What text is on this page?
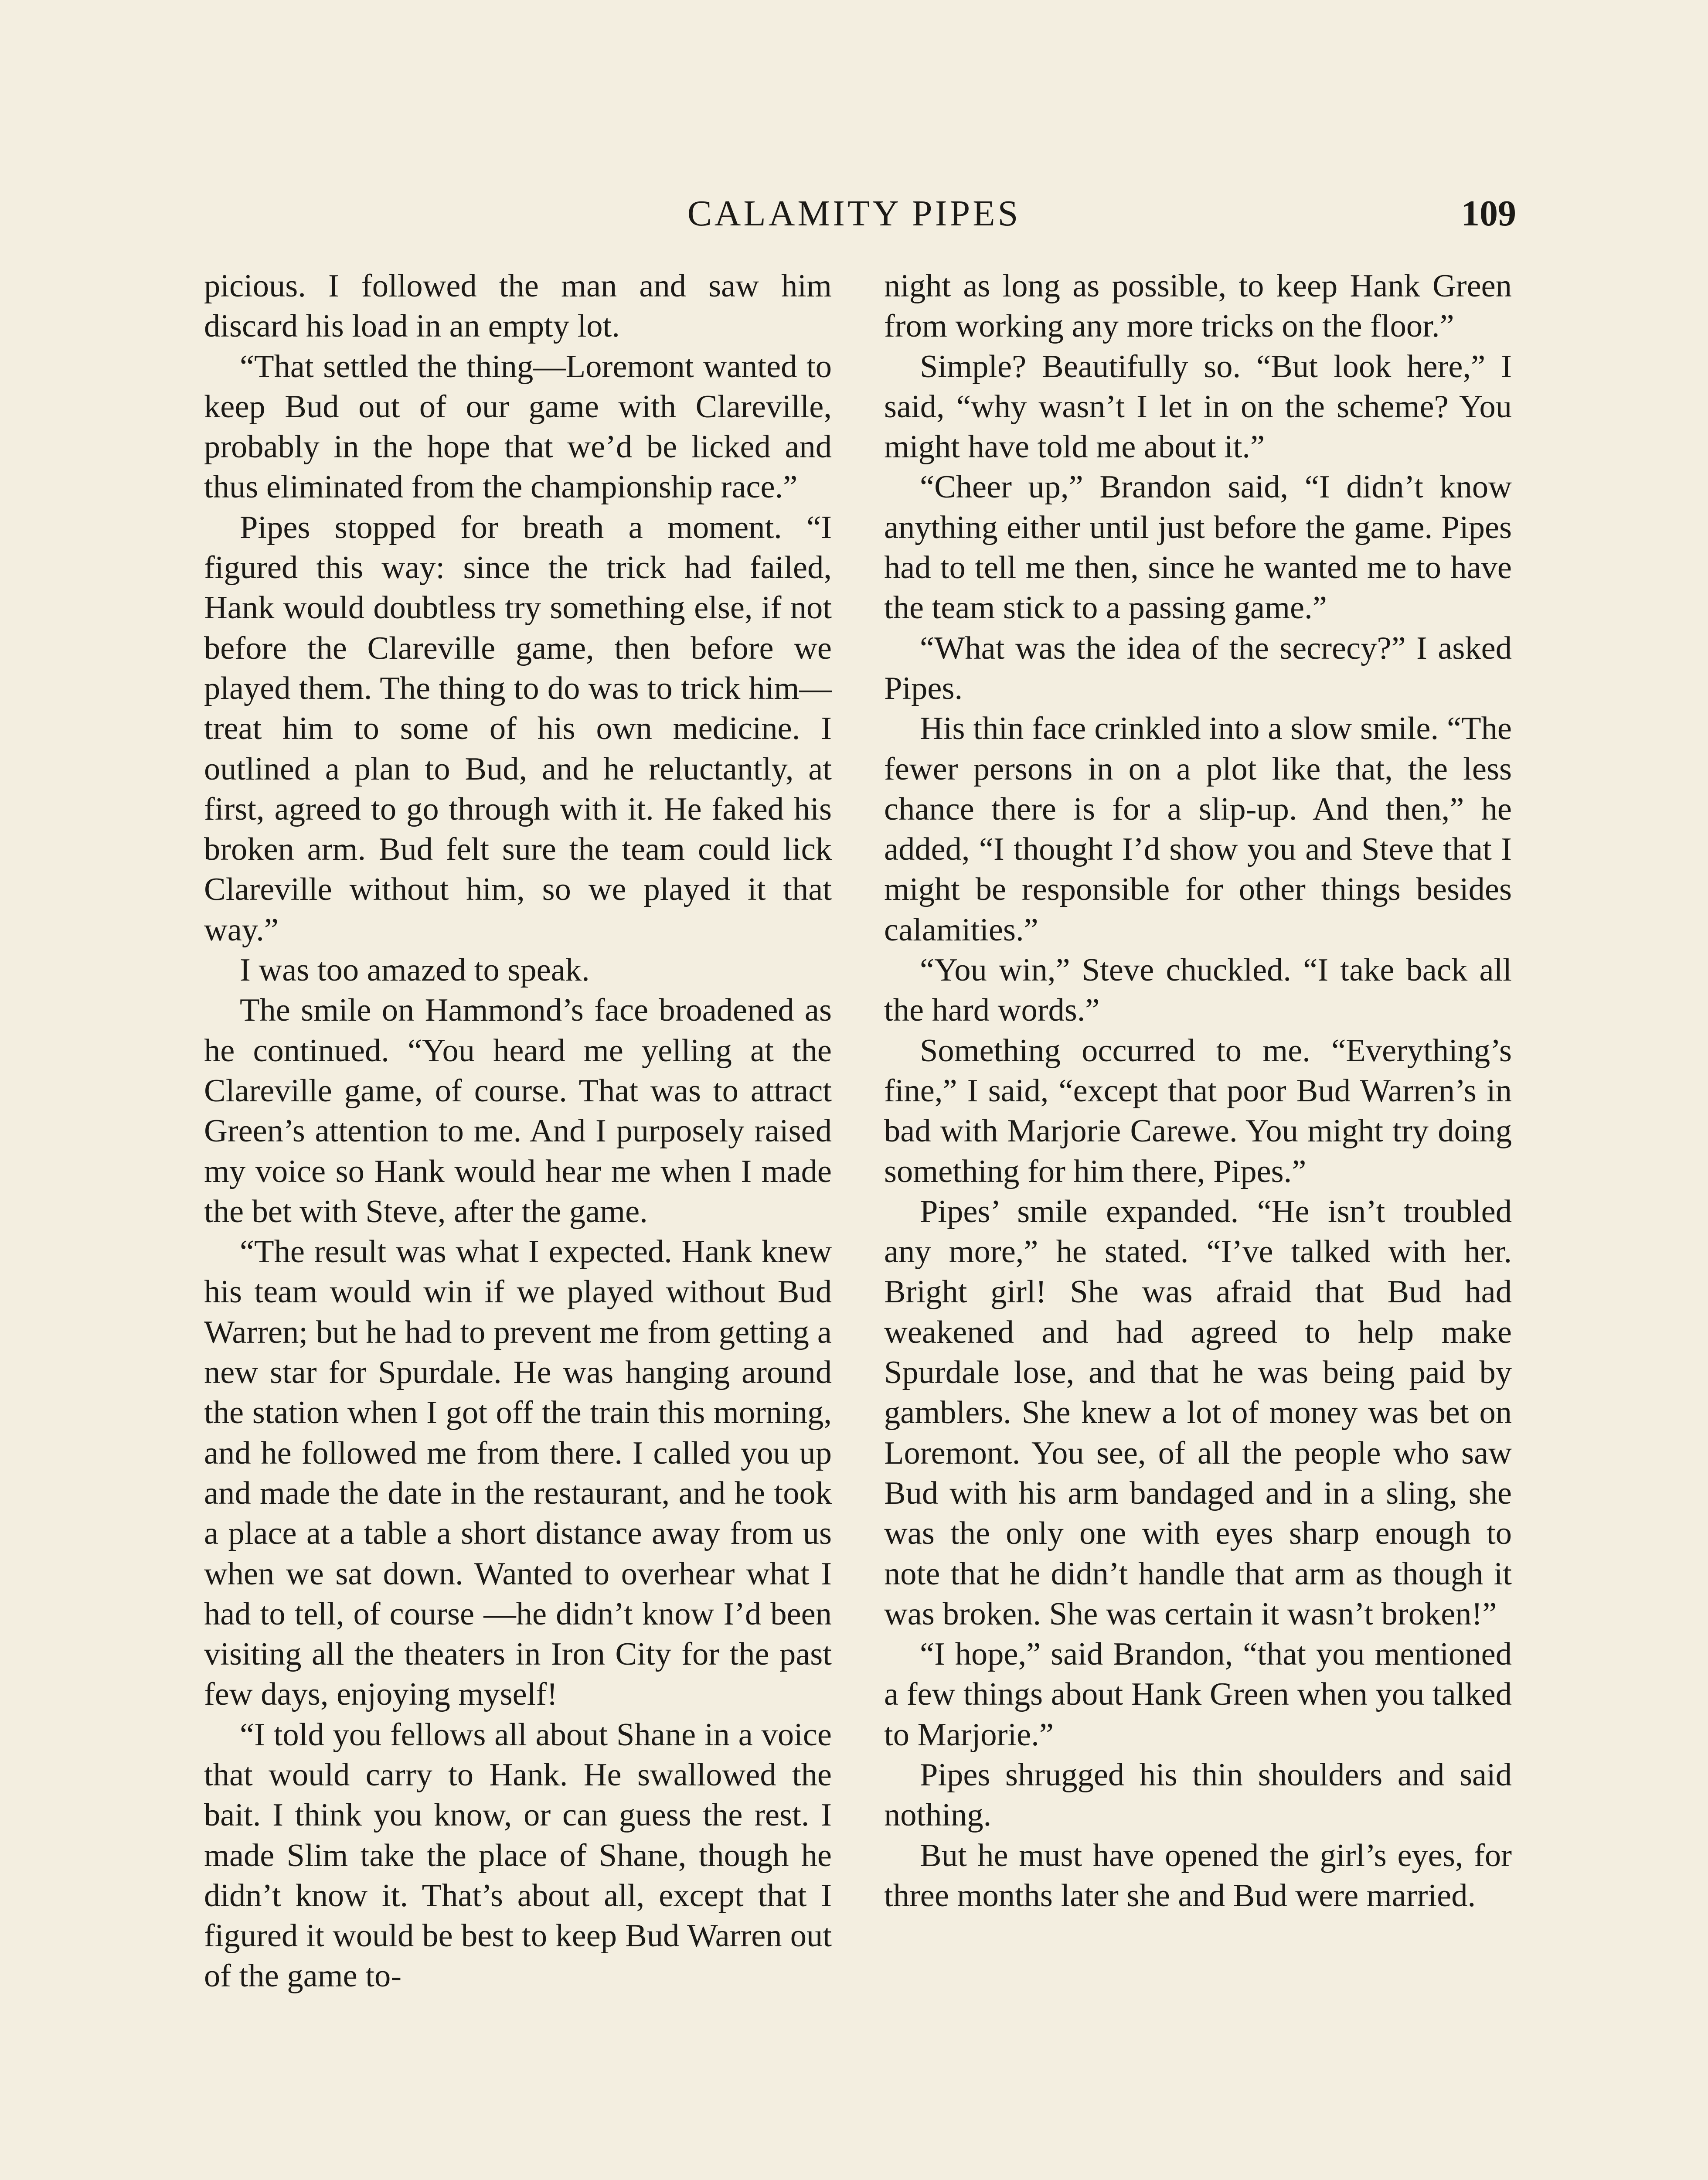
CALAMITY PIPES	109

picious. I followed the man and saw him discard his load in an empty lot.

“That settled the thing—Loremont wanted to keep Bud out of our game with Clareville, probably in the hope that we’d be licked and thus eliminated from the championship race.”

Pipes stopped for breath a moment. “I figured this way: since the trick had failed, Hank would doubtless try something else, if not before the Clareville game, then before we played them. The thing to do was to trick him—treat him to some of his own medicine. I outlined a plan to Bud, and he reluctantly, at first, agreed to go through with it. He faked his broken arm. Bud felt sure the team could lick Clareville without him, so we played it that way.”

I was too amazed to speak.

The smile on Hammond’s face broadened as he continued. “You heard me yelling at the Clareville game, of course. That was to attract Green’s attention to me. And I purposely raised my voice so Hank would hear me when I made the bet with Steve, after the game.

“The result was what I expected. Hank knew his team would win if we played without Bud Warren; but he had to prevent me from getting a new star for Spurdale. He was hanging around the station when I got off the train this morning, and he followed me from there. I called you up and made the date in the restaurant, and he took a place at a table a short distance away from us when we sat down. Wanted to overhear what I had to tell, of course —he didn’t know I’d been visiting all the theaters in Iron City for the past few days, enjoying myself!

“I told you fellows all about Shane in a voice that would carry to Hank. He swallowed the bait. I think you know, or can guess the rest. I made Slim take the place of Shane, though he didn’t know it. That’s about all, except that I figured it would be best to keep Bud Warren out of the game to-

night as long as possible, to keep Hank Green from working any more tricks on the floor.”

Simple? Beautifully so. “But look here,” I said, “why wasn’t I let in on the scheme? You might have told me about it.”

“Cheer up,” Brandon said, “I didn’t know anything either until just before the game. Pipes had to tell me then, since he wanted me to have the team stick to a passing game.”

“What was the idea of the secrecy?” I asked Pipes.

His thin face crinkled into a slow smile. “The fewer persons in on a plot like that, the less chance there is for a slip-up. And then,” he added, “I thought I’d show you and Steve that I might be responsible for other things besides calamities.”

“You win,” Steve chuckled. “I take back all the hard words.”

Something occurred to me. “Everything’s fine,” I said, “except that poor Bud Warren’s in bad with Marjorie Carewe. You might try doing something for him there, Pipes.”

Pipes’ smile expanded. “He isn’t troubled any more,” he stated. “I’ve talked with her. Bright girl! She was afraid that Bud had weakened and had agreed to help make Spurdale lose, and that he was being paid by gamblers. She knew a lot of money was bet on Loremont. You see, of all the people who saw Bud with his arm bandaged and in a sling, she was the only one with eyes sharp enough to note that he didn’t handle that arm as though it was broken. She was certain it wasn’t broken!”

“I hope,” said Brandon, “that you mentioned a few things about Hank Green when you talked to Marjorie.”

Pipes shrugged his thin shoulders and said nothing.

But he must have opened the girl’s eyes, for three months later she and Bud were married.
